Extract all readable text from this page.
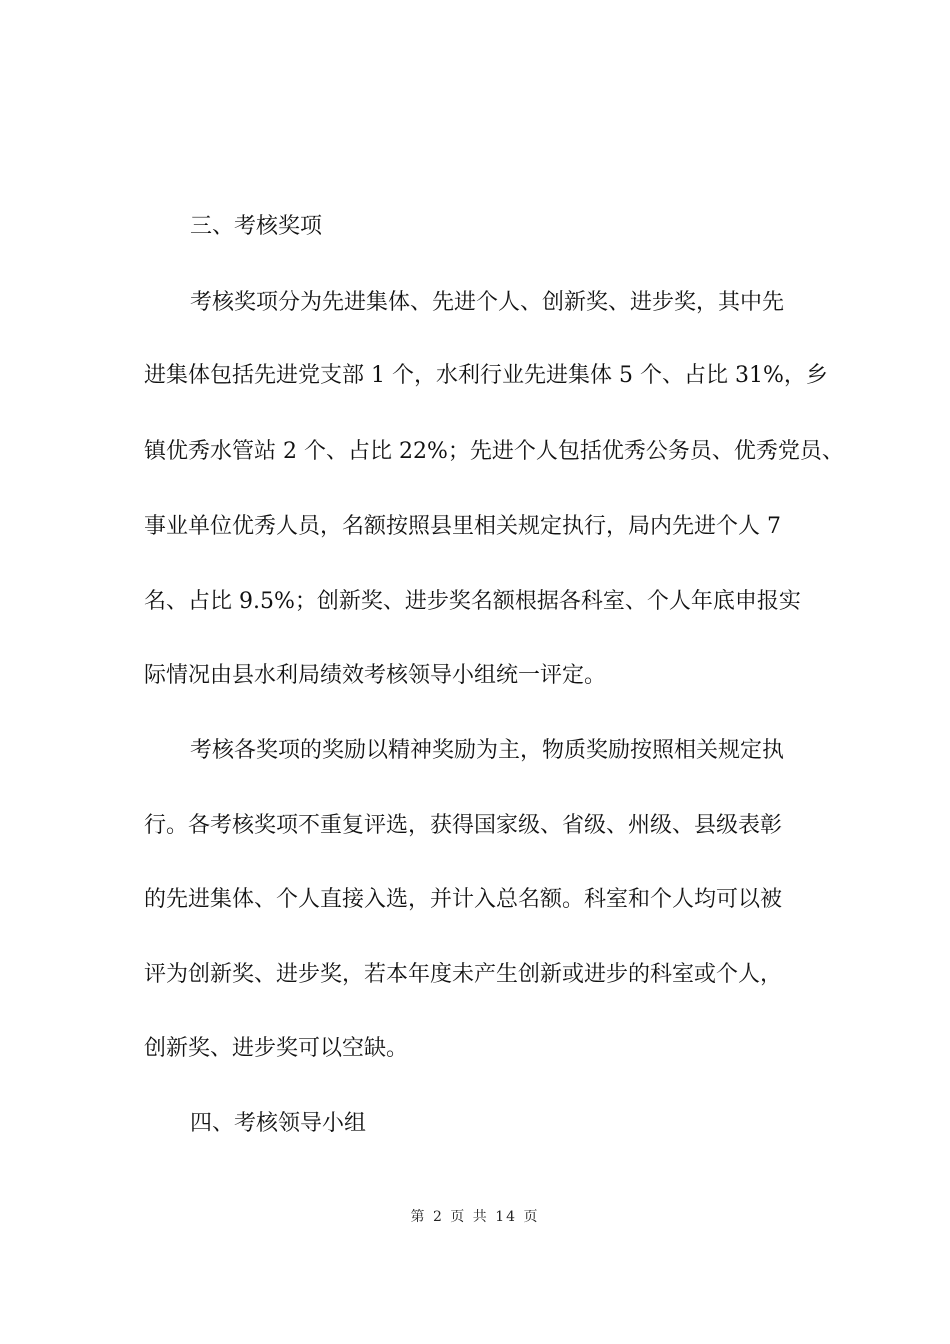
三、考核奖项
考核奖项分为先进集体、先进个人、创新奖、进步奖，其中先
进集体包括先进党支部 1 个，水利行业先进集体 5 个、占比 31%，乡
镇优秀水管站 2 个、占比 22%；先进个人包括优秀公务员、优秀党员、
事业单位优秀人员，名额按照县里相关规定执行，局内先进个人 7
名、占比 9.5%；创新奖、进步奖名额根据各科室、个人年底申报实
际情况由县水利局绩效考核领导小组统一评定。
考核各奖项的奖励以精神奖励为主，物质奖励按照相关规定执
行。各考核奖项不重复评选，获得国家级、省级、州级、县级表彰
的先进集体、个人直接入选，并计入总名额。科室和个人均可以被
评为创新奖、进步奖，若本年度未产生创新或进步的科室或个人，
创新奖、进步奖可以空缺。
四、考核领导小组
第 2 页 共 14 页
